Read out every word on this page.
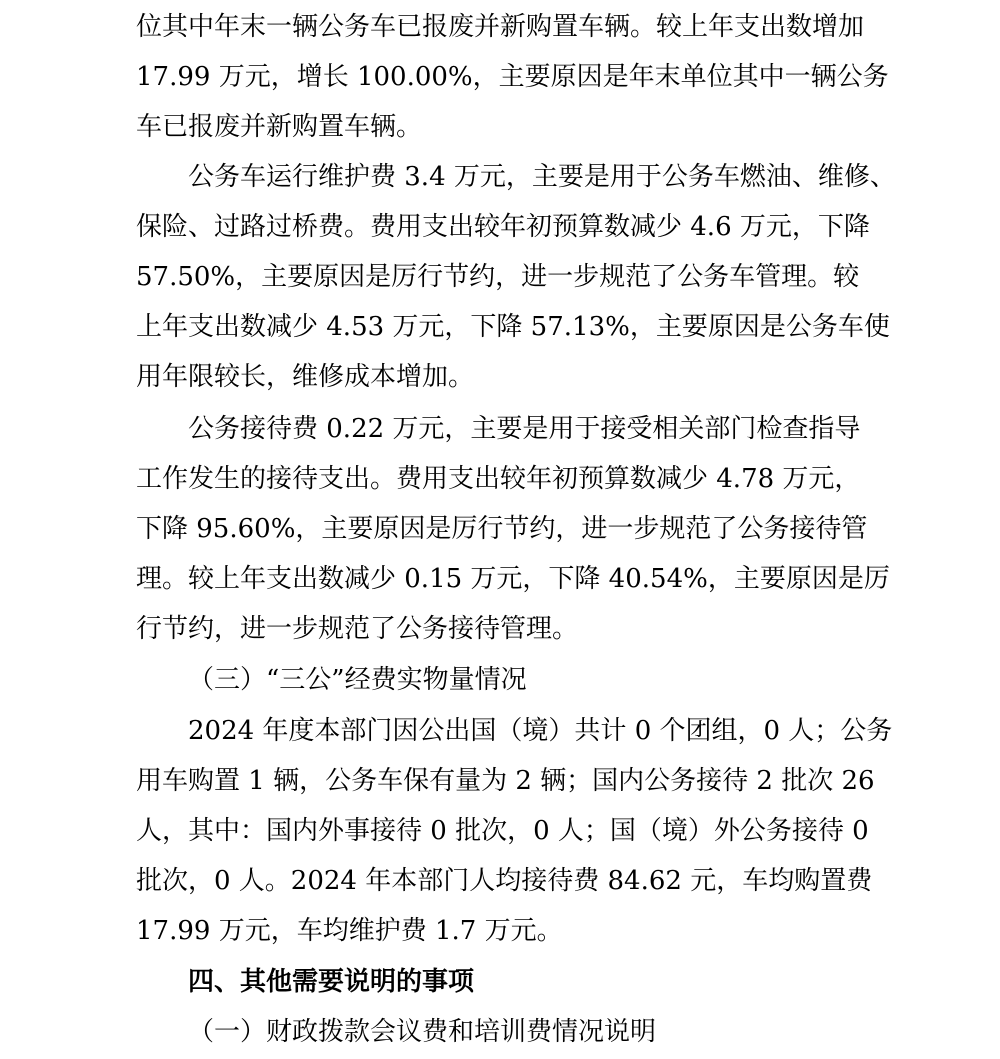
位其中年末一辆公务车已报废并新购置车辆。较上年支出数增加
17.99 万元，增长 100.00%，主要原因是年末单位其中一辆公务
车已报废并新购置车辆。
公务车运行维护费 3.4 万元，主要是用于公务车燃油、维修、
保险、过路过桥费。费用支出较年初预算数减少 4.6 万元，下降
57.50%，主要原因是厉行节约，进一步规范了公务车管理。较
上年支出数减少 4.53 万元，下降 57.13%，主要原因是公务车使
用年限较长，维修成本增加。
公务接待费 0.22 万元，主要是用于接受相关部门检查指导
工作发生的接待支出。费用支出较年初预算数减少 4.78 万元，
下降 95.60%，主要原因是厉行节约，进一步规范了公务接待管
理。较上年支出数减少 0.15 万元，下降 40.54%，主要原因是厉
行节约，进一步规范了公务接待管理。
（三）“三公”经费实物量情况
2024 年度本部门因公出国（境）共计 0 个团组，0 人；公务
用车购置 1 辆，公务车保有量为 2 辆；国内公务接待 2 批次 26
人，其中：国内外事接待 0 批次，0 人；国（境）外公务接待 0
批次，0 人。2024 年本部门人均接待费 84.62 元，车均购置费
17.99 万元，车均维护费 1.7 万元。
四、其他需要说明的事项
（一）财政拨款会议费和培训费情况说明
